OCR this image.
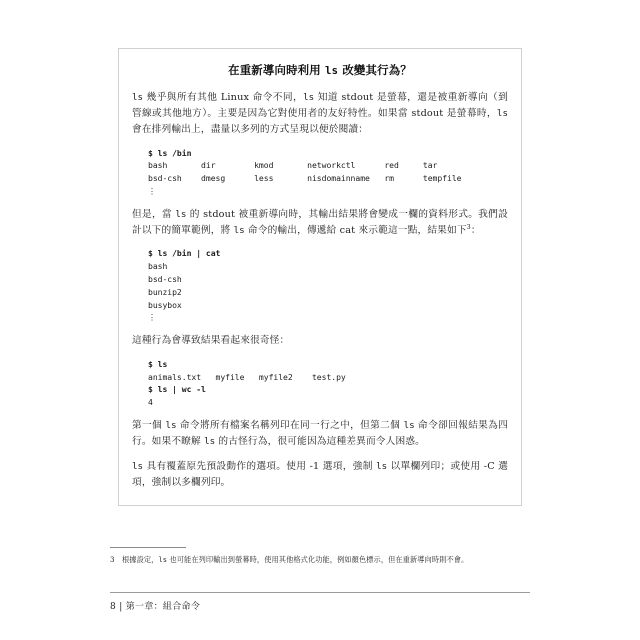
在重新導向時利用 ls 改變其行為？

ls 幾乎與所有其他 Linux 命令不同，ls 知道 stdout 是螢幕，還是被重新導向（到管線或其他地方）。主要是因為它對使用者的友好特性。如果當 stdout 是螢幕時，ls 會在排列輸出上，盡量以多列的方式呈現以便於閱讀：

$ ls /bin
bash       dir        kmod       networkctl      red     tar
bsd-csh    dmesg      less       nisdomainname   rm      tempfile
⋮

但是，當 ls 的 stdout 被重新導向時，其輸出結果將會變成一欄的資料形式。我們設計以下的簡單範例，將 ls 命令的輸出，傳遞給 cat 來示範這一點，結果如下$^3$：

$ ls /bin | cat
bash
bsd-csh
bunzip2
busybox
⋮

這種行為會導致結果看起來很奇怪：

$ ls
animals.txt   myfile   myfile2    test.py
$ ls | wc -l
4

第一個 ls 命令將所有檔案名稱列印在同一行之中，但第二個 ls 命令卻回報結果為四行。如果不瞭解 ls 的古怪行為，很可能因為這種差異而令人困惑。

ls 具有覆蓋原先預設動作的選項。使用 -1 選項，強制 ls 以單欄列印；或使用 -C 選項，強制以多欄列印。

3 根據設定，ls 也可能在列印輸出到螢幕時，使用其他格式化功能，例如顏色標示，但在重新導向時則不會。
8 | 第一章：組合命令
